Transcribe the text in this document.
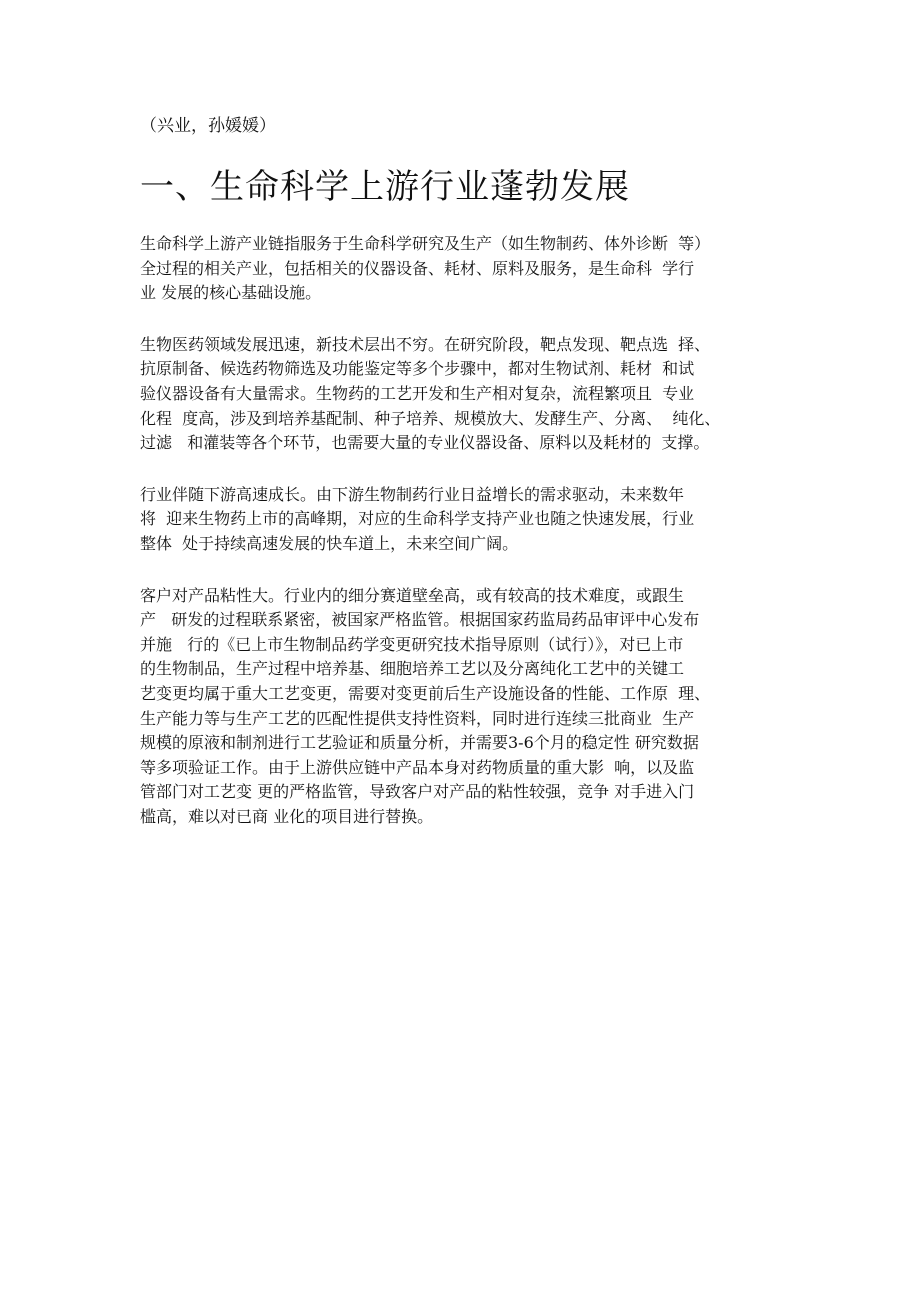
（兴业，孙媛媛）
一、生命科学上游行业蓬勃发展
生命科学上游产业链指服务于生命科学研究及生产（如生物制药、体外诊断  等）
全过程的相关产业，包括相关的仪器设备、耗材、原料及服务，是生命科  学行
业 发展的核心基础设施。
生物医药领域发展迅速，新技术层出不穷。在研究阶段，靶点发现、靶点选  择、
抗原制备、候选药物筛选及功能鉴定等多个步骤中，都对生物试剂、耗材  和试
验仪器设备有大量需求。生物药的工艺开发和生产相对复杂，流程繁项且  专业
化程  度高，涉及到培养基配制、种子培养、规模放大、发酵生产、分离、  纯化、
过滤   和灌装等各个环节，也需要大量的专业仪器设备、原料以及耗材的  支撑。
行业伴随下游高速成长。由下游生物制药行业日益增长的需求驱动，未来数年
将  迎来生物药上市的高峰期，对应的生命科学支持产业也随之快速发展，行业
整体  处于持续高速发展的快车道上，未来空间广阔。
客户对产品粘性大。行业内的细分赛道壁垒高，或有较高的技术难度，或跟生
产   研发的过程联系紧密，被国家严格监管。根据国家药监局药品审评中心发布
并施   行的《已上市生物制品药学变更研究技术指导原则（试行）》，对已上市
的生物制品，生产过程中培养基、细胞培养工艺以及分离纯化工艺中的关键工
艺变更均属于重大工艺变更，需要对变更前后生产设施设备的性能、工作原  理、
生产能力等与生产工艺的匹配性提供支持性资料，同时进行连续三批商业  生产
规模的原液和制剂进行工艺验证和质量分析，并需要3-6个月的稳定性 研究数据
等多项验证工作。由于上游供应链中产品本身对药物质量的重大影  响，以及监
管部门对工艺变 更的严格监管，导致客户对产品的粘性较强，竞争 对手进入门
槛高，难以对已商 业化的项目进行替换。
